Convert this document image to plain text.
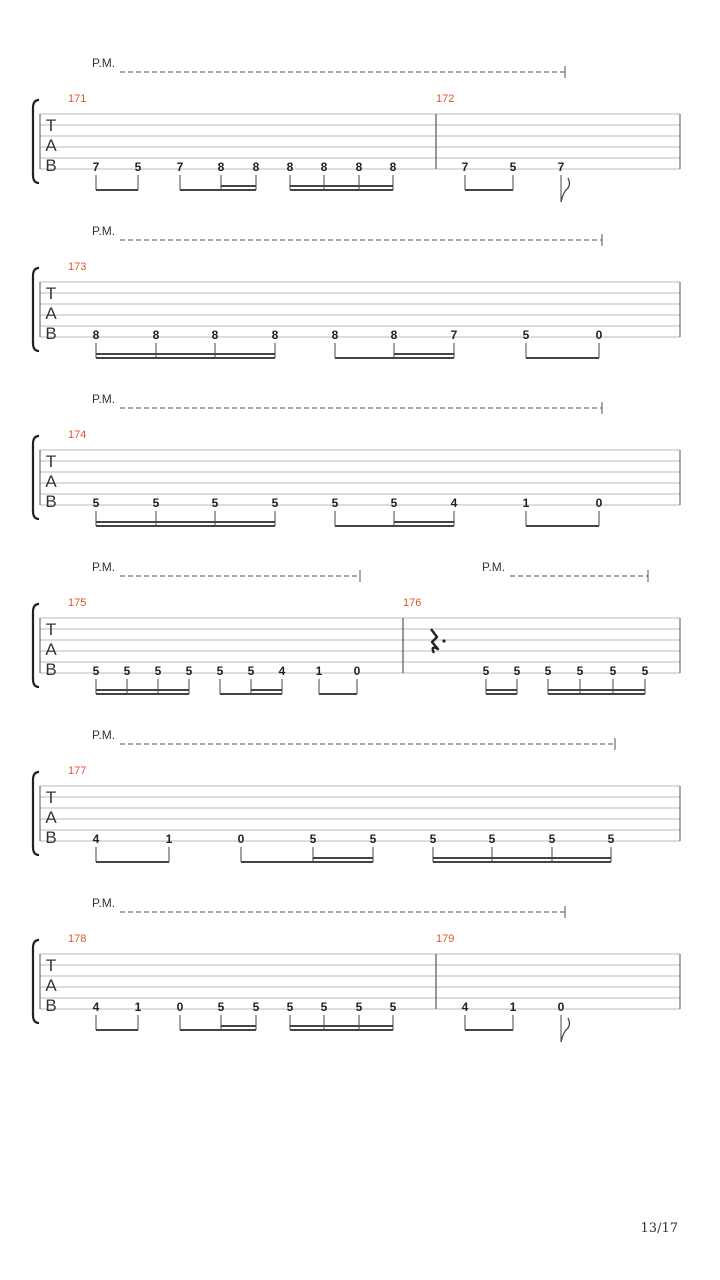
P.M.
T
A
B
171
7	5	7	8 8 8 8 8 8
172
7	5	7
P.M.
T
A
B
173
8	8	8	8	8	8	7	5	0
P.M.
T
A
B
174
5	5	5	5	5	5	4	1	0
P.M.	P.M.
T
A
B
175
5 5 5 5 5 5 4	1	0
176
5 5 5 5 5 5
P.M.
T
A
B
177
4	1	0	5	5	5	5	5	5
P.M.
T
A
B
178
4	1	0	5 5 5 5 5 5
179
4	1	0
13/17
